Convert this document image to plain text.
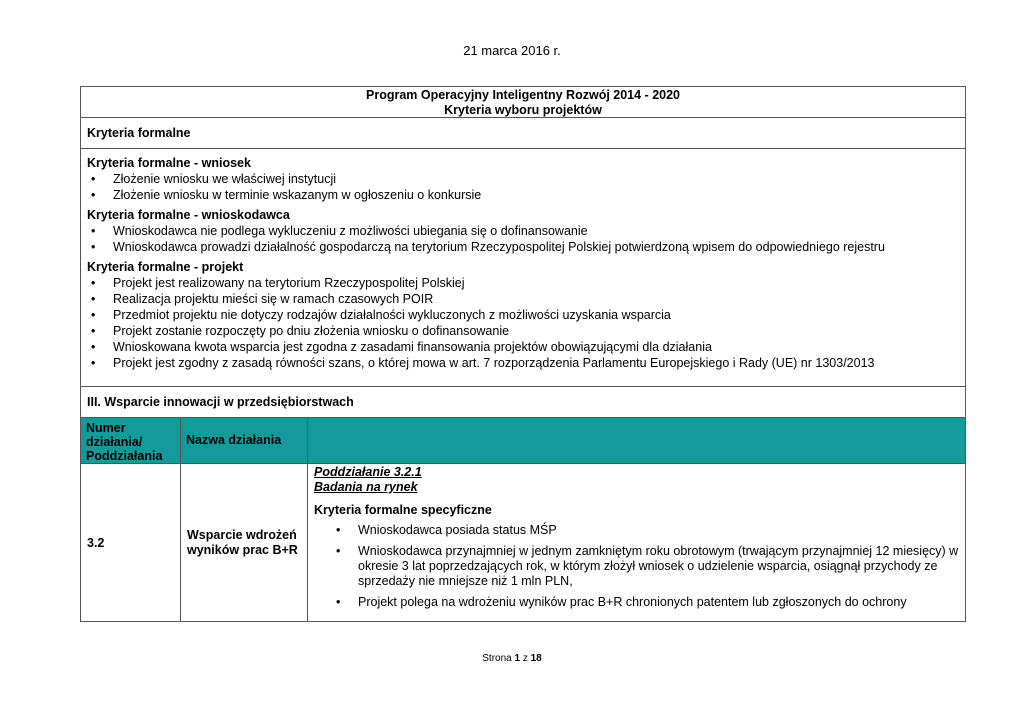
21 marca 2016 r.
Program Operacyjny Inteligentny Rozwój 2014 - 2020
Kryteria wyboru projektów
Kryteria formalne
Kryteria formalne - wniosek
• Złożenie wniosku we właściwej instytucji
• Złożenie wniosku w terminie wskazanym w ogłoszeniu o konkursie
Kryteria formalne - wnioskodawca
• Wnioskodawca nie podlega wykluczeniu z możliwości ubiegania się o dofinansowanie
• Wnioskodawca prowadzi działalność gospodarczą na terytorium Rzeczypospolitej Polskiej potwierdzoną wpisem do odpowiedniego rejestru
Kryteria formalne - projekt
• Projekt jest realizowany na terytorium Rzeczypospolitej Polskiej
• Realizacja projektu mieści się w ramach czasowych POIR
• Przedmiot projektu nie dotyczy rodzajów działalności wykluczonych z możliwości uzyskania wsparcia
• Projekt zostanie rozpoczęty po dniu złożenia wniosku o dofinansowanie
• Wnioskowana kwota wsparcia jest zgodna z zasadami finansowania projektów obowiązującymi dla działania
• Projekt jest zgodny z zasadą równości szans, o której mowa w art. 7 rozporządzenia Parlamentu Europejskiego i Rady (UE) nr 1303/2013
III. Wsparcie innowacji w przedsiębiorstwach
Numer działania/ Poddziałania
Nazwa działania
3.2
Wsparcie wdrożeń wyników prac B+R
Poddziałanie 3.2.1
Badania na rynek
Kryteria formalne specyficzne
• Wnioskodawca posiada status MŚP
• Wnioskodawca przynajmniej w jednym zamkniętym roku obrotowym (trwającym przynajmniej 12 miesięcy) w okresie 3 lat poprzedzających rok, w którym złożył wniosek o udzielenie wsparcia, osiągnął przychody ze sprzedaży nie mniejsze niż 1 mln PLN,
• Projekt polega na wdrożeniu wyników prac B+R chronionych patentem lub zgłoszonych do ochrony
Strona 1 z 18
